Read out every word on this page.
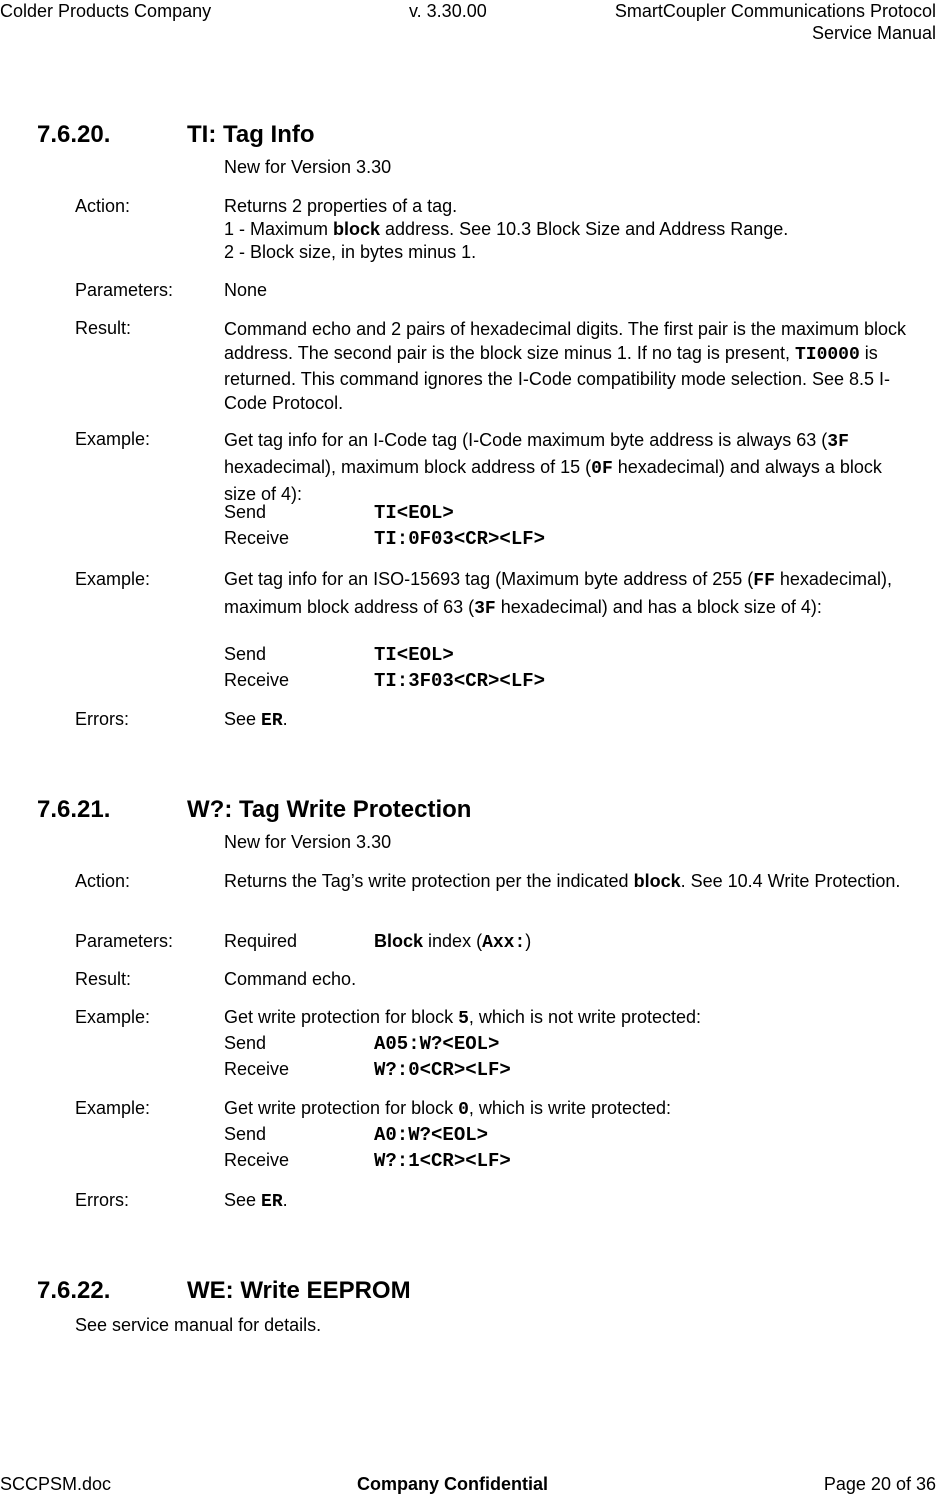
Colder Products Company	v. 3.30.00	SmartCoupler Communications Protocol
Service Manual
7.6.20.	TI: Tag Info
New for Version 3.30
Action:	Returns 2 properties of a tag.

1 - Maximum block address. See 10.3 Block Size and Address Range.

2 - Block size, in bytes minus 1.

Parameters:	None
Result:	Command echo and 2 pairs of hexadecimal digits. The first pair is the maximum block address. The second pair is the block size minus 1. If no tag is present, TI0000 is returned. This command ignores the I-Code compatibility mode selection. See 8.5 I-Code Protocol.
Example:	Get tag info for an I-Code tag (I-Code maximum byte address is always 63 (3F hexadecimal), maximum block address of 15 (0F hexadecimal) and always a block size of 4):
Send	TI<EOL>
Receive	TI:0F03<CR><LF>
Example:	Get tag info for an ISO-15693 tag (Maximum byte address of 255 (FF hexadecimal), maximum block address of 63 (3F hexadecimal) and has a block size of 4):
Send	TI<EOL>
Receive	TI:3F03<CR><LF>
Errors:	See ER.
7.6.21.	W?: Tag Write Protection
New for Version 3.30
Action:	Returns the Tag’s write protection per the indicated block. See 10.4 Write Protection.
Parameters:	Required	Block index (Axx:)
Result:	Command echo.
Example:	Get write protection for block 5, which is not write protected:
Send	A05:W?<EOL>
Receive	W?:0<CR><LF>
Example:	Get write protection for block 0, which is write protected:
Send	A0:W?<EOL>
Receive	W?:1<CR><LF>
Errors:	See ER.
7.6.22.	WE: Write EEPROM
See service manual for details.
SCCPSM.doc	Company Confidential	Page 20 of 36
